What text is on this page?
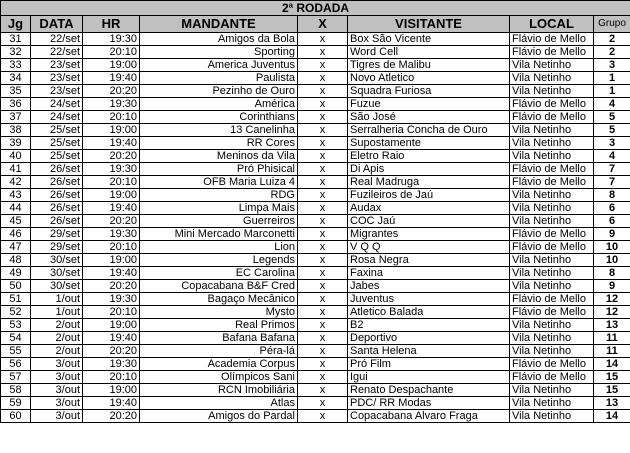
2ª RODADA							
Jg	DATA	HR	MANDANTE	X	VISITANTE	LOCAL	Grupo
31	22/set	19:30	Amigos da Bola	x	Box São Vicente	Flávio de Mello	2
32	22/set	20:10	Sporting	x	Word Cell	Flávio de Mello	2
33	23/set	19:00	America Juventus	x	Tigres de Malibu	Vila Netinho	3
34	23/set	19:40	Paulista	x	Novo Atletico	Vila Netinho	1
35	23/set	20:20	Pezinho de Ouro	x	Squadra Furiosa	Vila Netinho	1
36	24/set	19:30	América	x	Fuzue	Flávio de Mello	4
37	24/set	20:10	Corinthians	x	São José	Flávio de Mello	5
38	25/set	19:00	13 Canelinha	x	Serralheria Concha de Ouro	Vila Netinho	5
39	25/set	19:40	RR Cores	x	Supostamente	Vila Netinho	3
40	25/set	20:20	Meninos da Vila	x	Eletro Raio	Vila Netinho	4
41	26/set	19:30	Pró Phisical	x	Di Apis	Flávio de Mello	7
42	26/set	20:10	OFB Maria Luiza 4	x	Real Madruga	Flávio de Mello	7
43	26/set	19:00	RDG	x	Fuzileiros de Jaú	Vila Netinho	8
44	26/set	19:40	Limpa Mais	x	Audax	Vila Netinho	6
45	26/set	20:20	Guerreiros	x	COC Jaú	Vila Netinho	6
46	29/set	19:30	Mini Mercado Marconetti	x	Migrantes	Flávio de Mello	9
47	29/set	20:10	Lion	x	V Q Q	Flávio de Mello	10
48	30/set	19:00	Legends	x	Rosa Negra	Vila Netinho	10
49	30/set	19:40	EC Carolina	x	Faxina	Vila Netinho	8
50	30/set	20:20	Copacabana B&F Cred	x	Jabes	Vila Netinho	9
51	1/out	19:30	Bagaço Mecânico	x	Juventus	Flávio de Mello	12
52	1/out	20:10	Mysto	x	Atletico Balada	Flávio de Mello	12
53	2/out	19:00	Real Primos	x	B2	Vila Netinho	13
54	2/out	19:40	Bafana Bafana	x	Deportivo	Vila Netinho	11
55	2/out	20:20	Péra-lá	x	Santa Helena	Vila Netinho	11
56	3/out	19:30	Academia Corpus	x	Pró Film	Flávio de Mello	14
57	3/out	20:10	Olímpicos Sani	x	Igui	Flávio de Mello	15
58	3/out	19:00	RCN Imobiliária	x	Renato Despachante	Vila Netinho	15
59	3/out	19:40	Atlas	x	PDC/ RR Modas	Vila Netinho	13
60	3/out	20:20	Amigos do Pardal	x	Copacabana Alvaro Fraga	Vila Netinho	14
